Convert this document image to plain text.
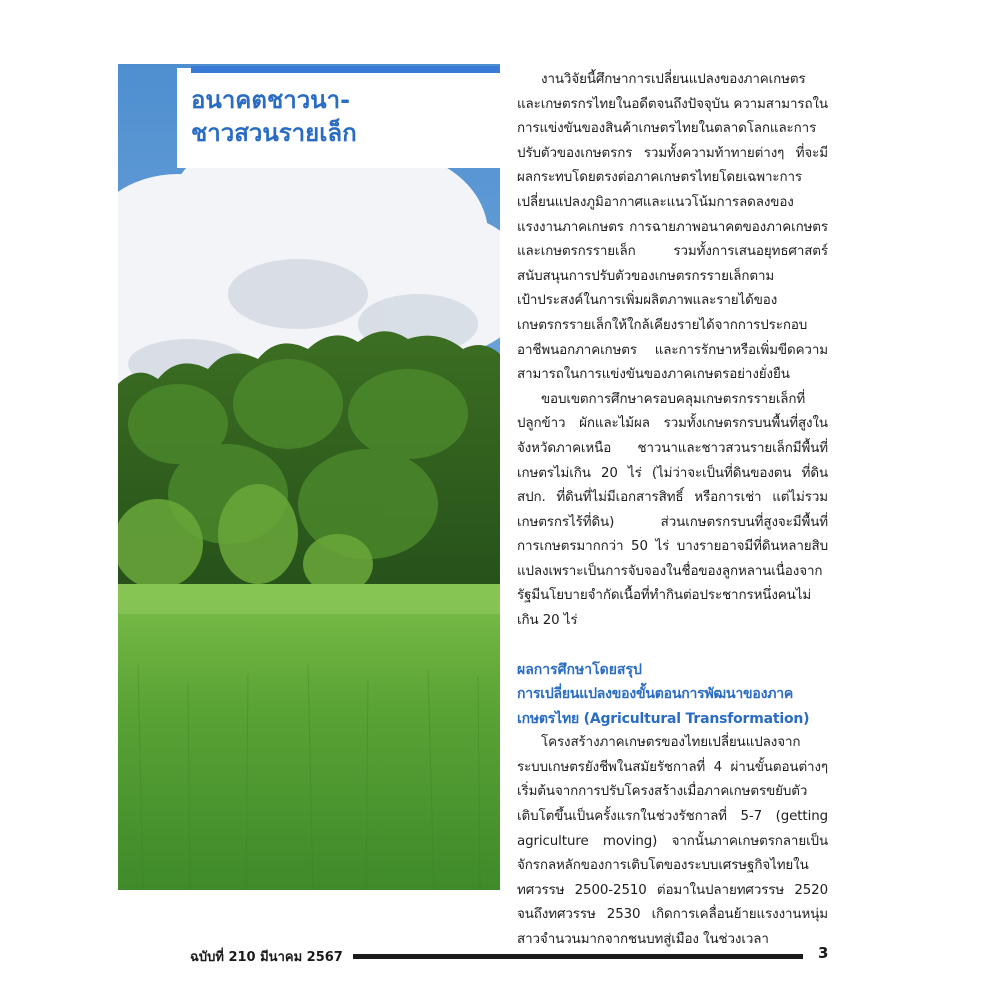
อนาคตชาวนา-
ชาวสวนรายเล็ก

งานวิจัยนี้ศึกษาการเปลี่ยนแปลงของภาคเกษตรและเกษตรกรไทยในอดีตจนถึงปัจจุบัน ความสามารถในการแข่งขันของสินค้าเกษตรไทยในตลาดโลกและการปรับตัวของเกษตรกร รวมทั้งความท้าทายต่างๆ ที่จะมีผลกระทบโดยตรงต่อภาคเกษตรไทยโดยเฉพาะการเปลี่ยนแปลงภูมิอากาศและแนวโน้มการลดลงของแรงงานภาคเกษตร การฉายภาพอนาคตของภาคเกษตรและเกษตรกรรายเล็ก รวมทั้งการเสนอยุทธศาสตร์สนับสนุนการปรับตัวของเกษตรกรรายเล็กตามเป้าประสงค์ในการเพิ่มผลิตภาพและรายได้ของเกษตรกรรายเล็กให้ใกล้เคียงรายได้จากการประกอบอาชีพนอกภาคเกษตร และการรักษาหรือเพิ่มขีดความสามารถในการแข่งขันของภาคเกษตรอย่างยั่งยืน

ขอบเขตการศึกษาครอบคลุมเกษตรกรรายเล็กที่ปลูกข้าว ผักและไม้ผล รวมทั้งเกษตรกรบนพื้นที่สูงในจังหวัดภาคเหนือ ชาวนาและชาวสวนรายเล็กมีพื้นที่เกษตรไม่เกิน 20 ไร่ (ไม่ว่าจะเป็นที่ดินของตน ที่ดิน สปก. ที่ดินที่ไม่มีเอกสารสิทธิ์ หรือการเช่า แต่ไม่รวมเกษตรกรไร้ที่ดิน) ส่วนเกษตรกรบนที่สูงจะมีพื้นที่การเกษตรมากกว่า 50 ไร่ บางรายอาจมีที่ดินหลายสิบแปลงเพราะเป็นการจับจองในชื่อของลูกหลานเนื่องจากรัฐมีนโยบายจำกัดเนื้อที่ทำกินต่อประชากรหนึ่งคนไม่เกิน 20 ไร่

ผลการศึกษาโดยสรุป

การเปลี่ยนแปลงของขั้นตอนการพัฒนาของภาคเกษตรไทย (Agricultural Transformation)

โครงสร้างภาคเกษตรของไทยเปลี่ยนแปลงจากระบบเกษตรยังชีพในสมัยรัชกาลที่ 4 ผ่านขั้นตอนต่างๆ เริ่มต้นจากการปรับโครงสร้างเมื่อภาคเกษตรขยับตัวเติบโตขึ้นเป็นครั้งแรกในช่วงรัชกาลที่ 5-7 (getting agriculture moving) จากนั้นภาคเกษตรกลายเป็นจักรกลหลักของการเติบโตของระบบเศรษฐกิจไทยในทศวรรษ 2500-2510 ต่อมาในปลายทศวรรษ 2520 จนถึงทศวรรษ 2530 เกิดการเคลื่อนย้ายแรงงานหนุ่มสาวจำนวนมากจากชนบทสู่เมือง ในช่วงเวลา

ฉบับที่ 210 มีนาคม 2567	3
